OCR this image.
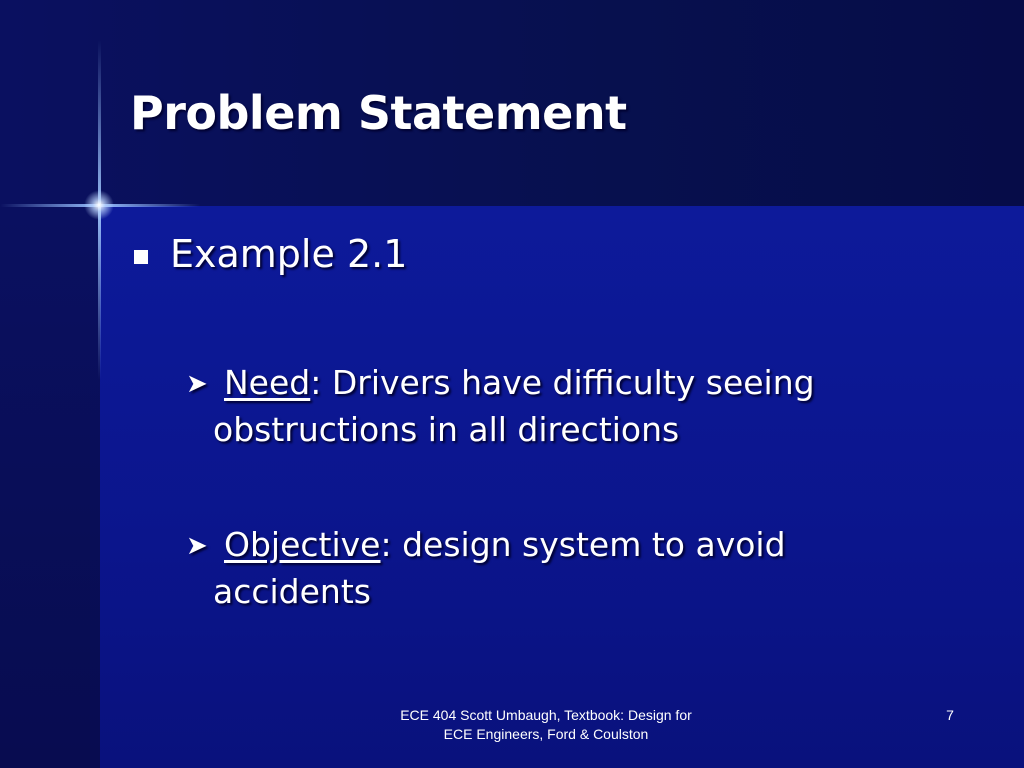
Problem Statement
Example 2.1
➤ Need: Drivers have difficulty seeing
obstructions in all directions
➤ Objective: design system to avoid
accidents
ECE 404 Scott Umbaugh, Textbook: Design for
ECE Engineers, Ford & Coulston
7
